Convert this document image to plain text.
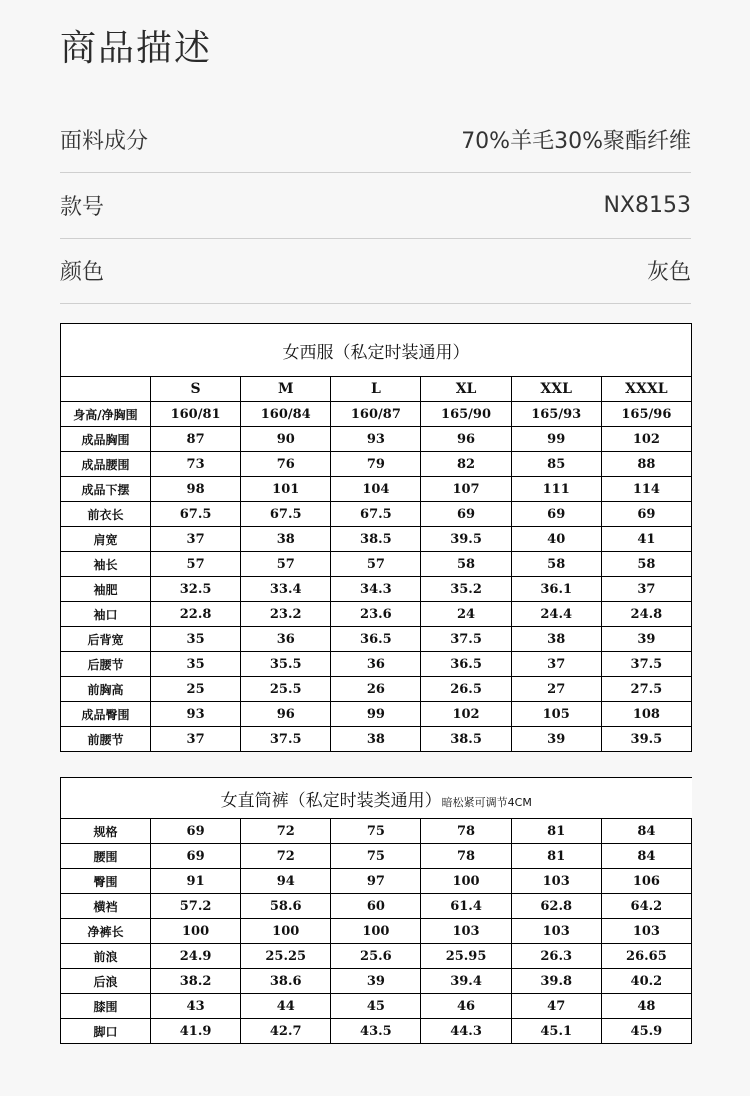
商品描述
面料成分	70%羊毛30%聚酯纤维
款号	NX8153
颜色	灰色
女西服（私定时装通用）						
	S	M	L	XL	XXL	XXXL
身高/净胸围	160/81	160/84	160/87	165/90	165/93	165/96
成品胸围	87	90	93	96	99	102
成品腰围	73	76	79	82	85	88
成品下摆	98	101	104	107	111	114
前衣长	67.5	67.5	67.5	69	69	69
肩宽	37	38	38.5	39.5	40	41
袖长	57	57	57	58	58	58
袖肥	32.5	33.4	34.3	35.2	36.1	37
袖口	22.8	23.2	23.6	24	24.4	24.8
后背宽	35	36	36.5	37.5	38	39
后腰节	35	35.5	36	36.5	37	37.5
前胸高	25	25.5	26	26.5	27	27.5
成品臀围	93	96	99	102	105	108
前腰节	37	37.5	38	38.5	39	39.5
女直筒裤（私定时装类通用）暗松紧可调节4CM						
规格	69	72	75	78	81	84
腰围	69	72	75	78	81	84
臀围	91	94	97	100	103	106
横裆	57.2	58.6	60	61.4	62.8	64.2
净裤长	100	100	100	103	103	103
前浪	24.9	25.25	25.6	25.95	26.3	26.65
后浪	38.2	38.6	39	39.4	39.8	40.2
膝围	43	44	45	46	47	48
脚口	41.9	42.7	43.5	44.3	45.1	45.9
